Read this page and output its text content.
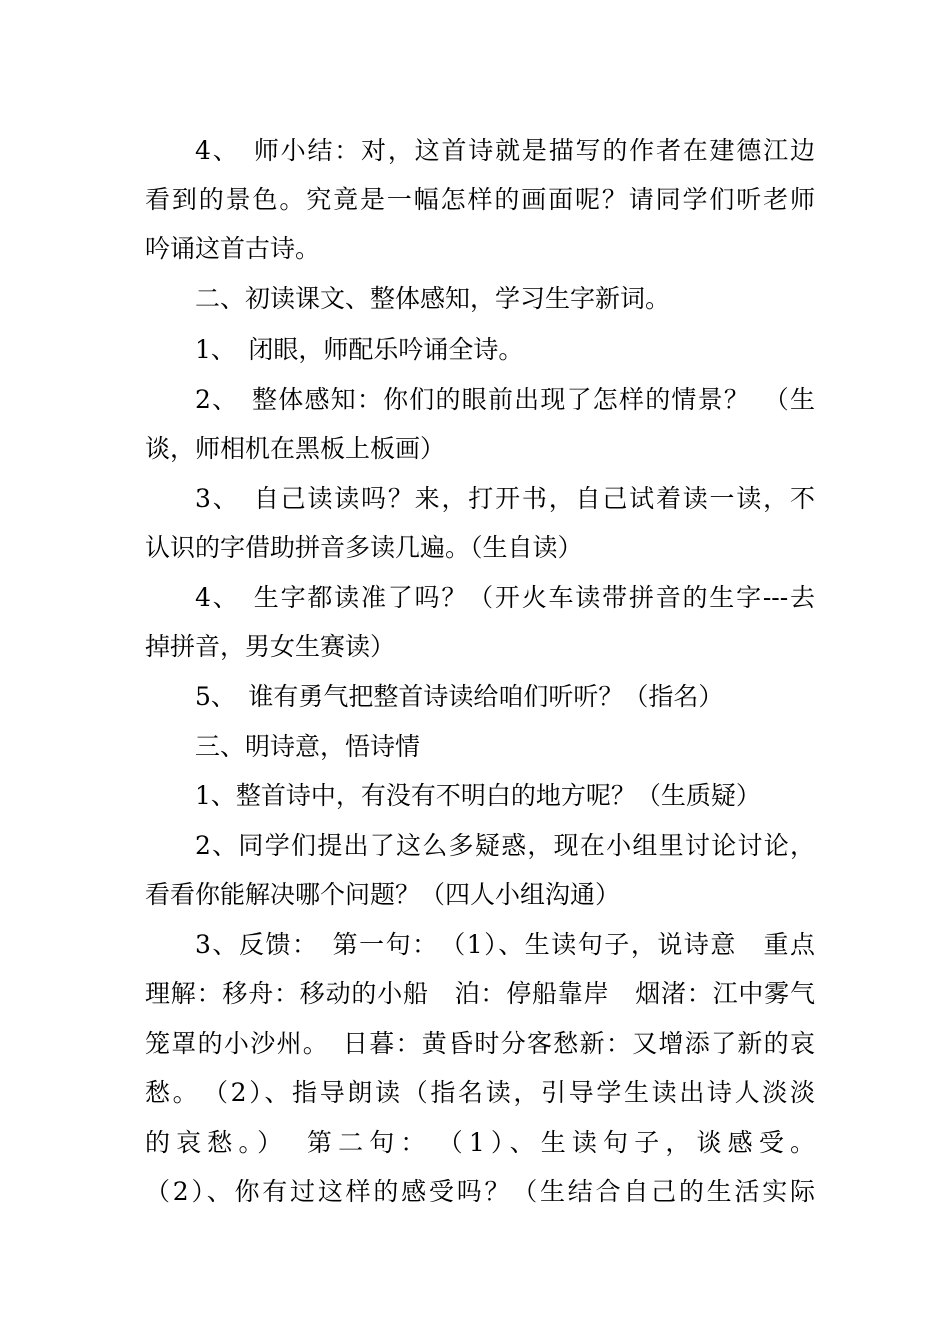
4、　师小结：对，这首诗就是描写的作者在建德江边
看到的景色。究竟是一幅怎样的画面呢？请同学们听老师
吟诵这首古诗。
二、初读课文、整体感知，学习生字新词。
1、　闭眼，师配乐吟诵全诗。
2、　整体感知：你们的眼前出现了怎样的情景？　（生
谈，师相机在黑板上板画）
3、　自己读读吗？来，打开书，自己试着读一读，不
认识的字借助拼音多读几遍。（生自读）
4、　生字都读准了吗？（开火车读带拼音的生字---去
掉拼音，男女生赛读）
5、　谁有勇气把整首诗读给咱们听听？（指名）
三、明诗意，悟诗情
1、整首诗中，有没有不明白的地方呢？（生质疑）
2、同学们提出了这么多疑惑，现在小组里讨论讨论，
看看你能解决哪个问题？（四人小组沟通）
3、反馈：　第一句：　（1）、生读句子，说诗意　重点
理解：移舟：移动的小船　泊：停船靠岸　烟渚：江中雾气
笼罩的小沙州。　日暮：黄昏时分客愁新：又增添了新的哀
愁。　（2）、指导朗读（指名读，引导学生读出诗人淡淡
的哀愁。）　第二句：　（1）、生读句子，谈感受。
（2）、你有过这样的感受吗？（生结合自己的生活实际
